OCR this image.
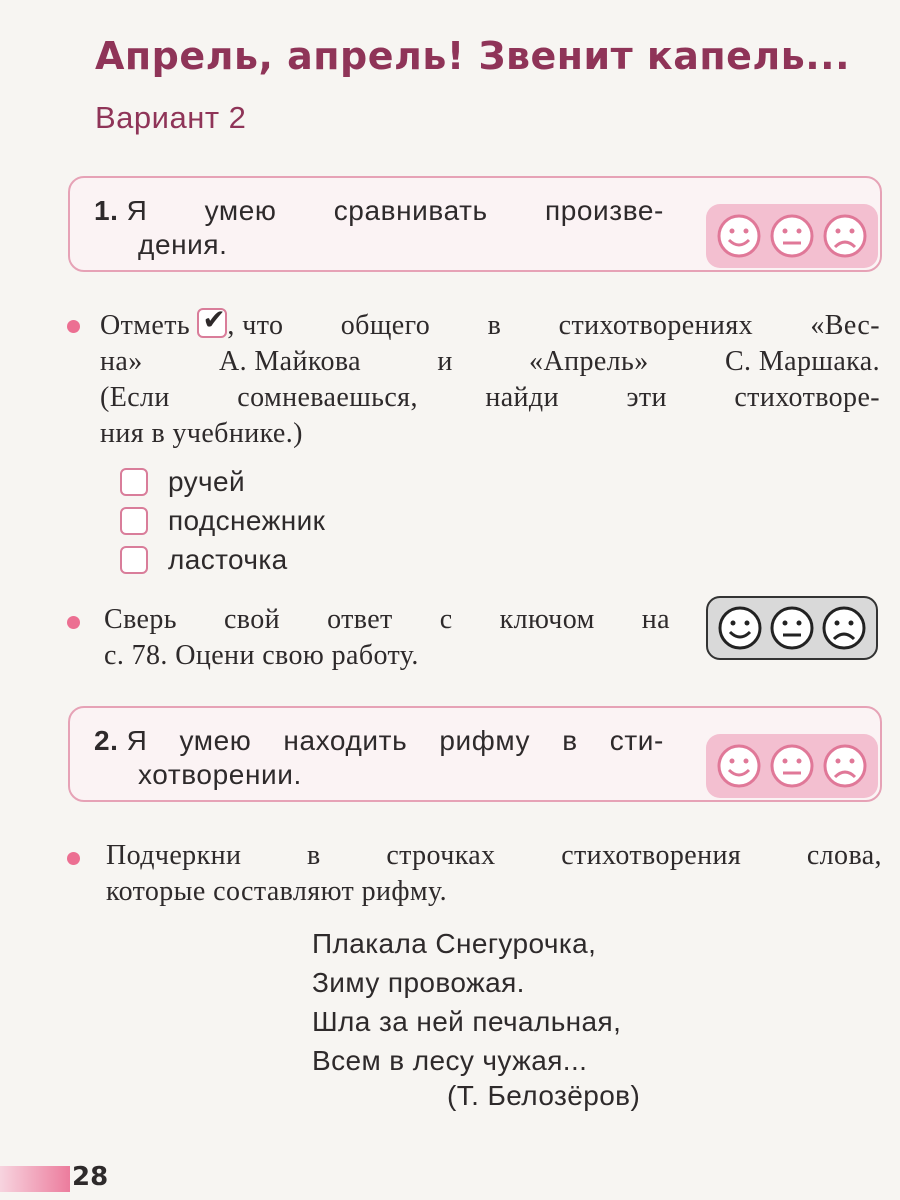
Апрель, апрель! Звенит капель...
Вариант 2
1. Я умею сравнивать произве-
дения.
Отметь ✔ , что общего в стихотворениях «Вес-
на»	А. Майкова	и	«Апрель»	С. Маршака.
(Если сомневаешься, найди эти стихотворе-
ния в учебнике.)
ручей
подснежник
ласточка
Сверь свой ответ с ключом на
с. 78. Оцени свою работу.
2. Я умею находить рифму в сти-
хотворении.
Подчеркни в строчках стихотворения слова,
которые составляют рифму.
Плакала Снегурочка,
Зиму провожая.
Шла за ней печальная,
Всем в лесу чужая...
(Т. Белозёров)
28
